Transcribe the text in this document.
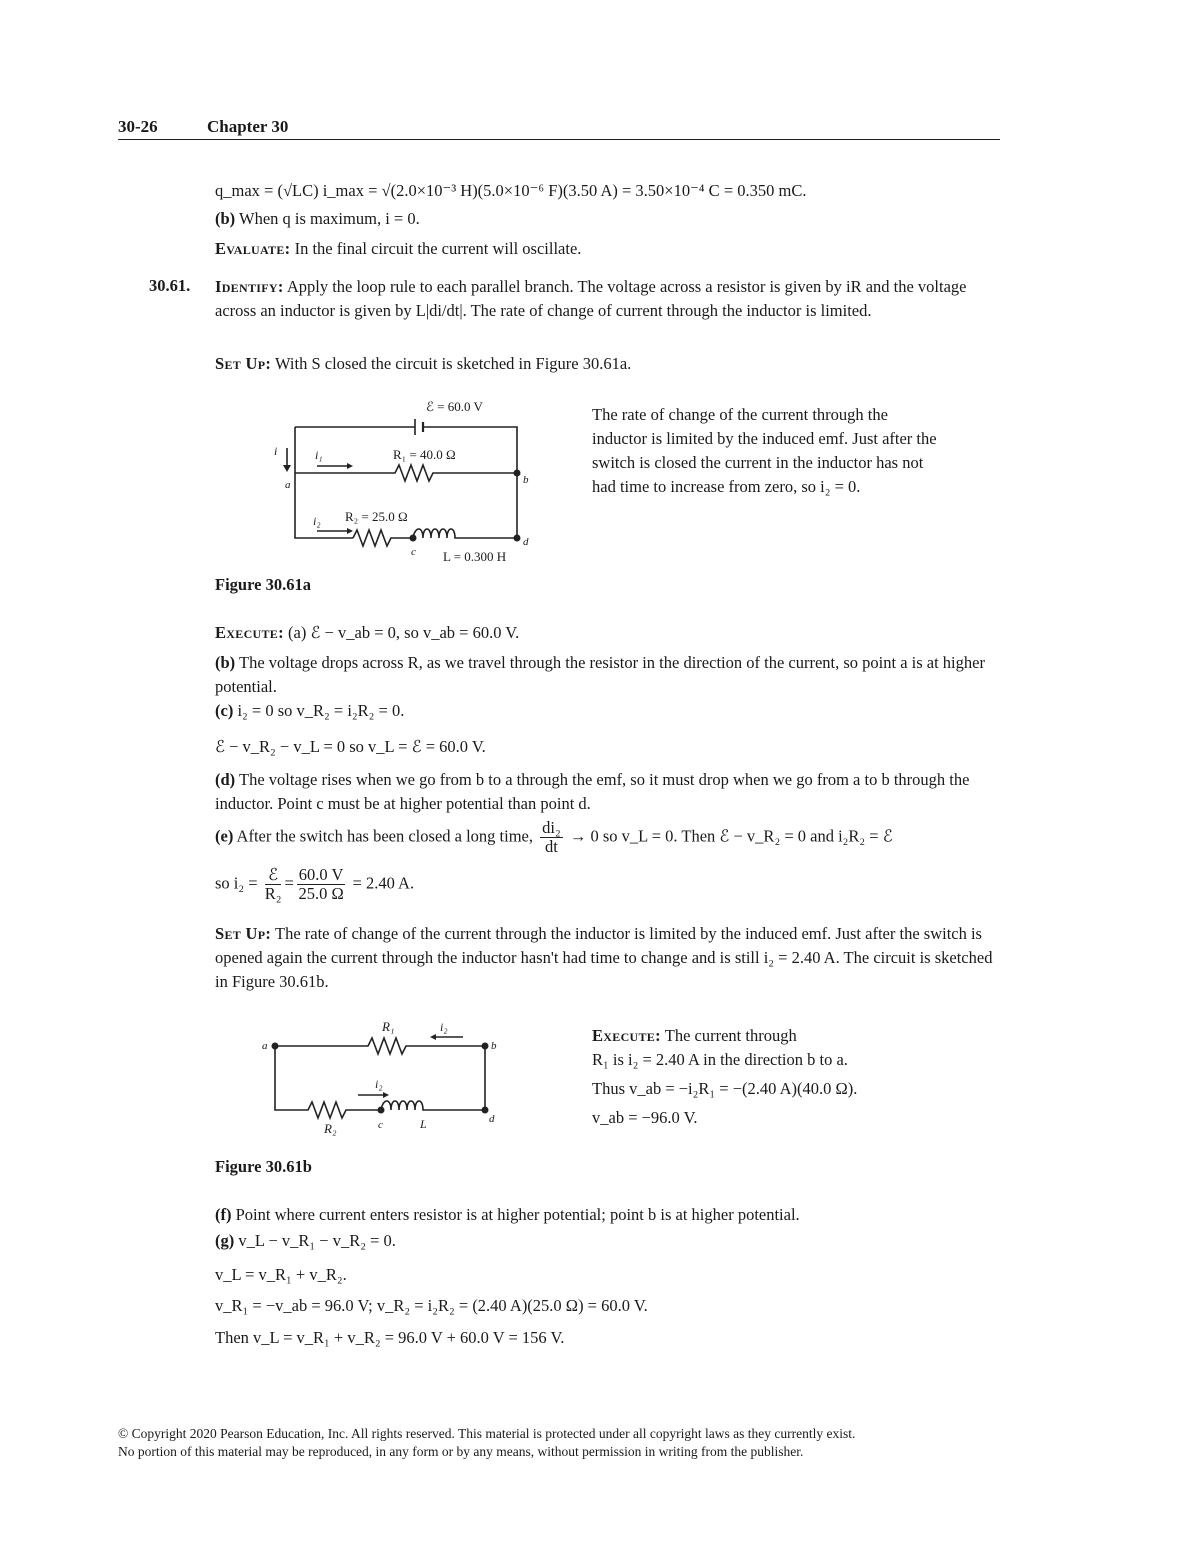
30-26	Chapter 30
q_max = (√LC) i_max = √(2.0×10⁻³ H)(5.0×10⁻⁶ F)(3.50 A) = 3.50×10⁻⁴ C = 0.350 mC.
(b) When q is maximum, i = 0.
Evaluate: In the final circuit the current will oscillate.
30.61. Identify: Apply the loop rule to each parallel branch. The voltage across a resistor is given by iR and the voltage across an inductor is given by L|di/dt|. The rate of change of current through the inductor is limited.
Set Up: With S closed the circuit is sketched in Figure 30.61a.
ℰ = 60.0 V
R₁ = 40.0 Ω
R₂ = 25.0 Ω
L = 0.300 H
i	i₁
i₂
a	b
c
d
The rate of change of the current through the inductor is limited by the induced emf. Just after the switch is closed the current in the inductor has not had time to increase from zero, so i₂ = 0.
Figure 30.61a
Execute: (a) ℰ − v_ab = 0, so v_ab = 60.0 V.
(b) The voltage drops across R, as we travel through the resistor in the direction of the current, so point a is at higher potential.
(c) i₂ = 0 so v_R₂ = i₂R₂ = 0.
ℰ − v_R₂ − v_L = 0 so v_L = ℰ = 60.0 V.
(d) The voltage rises when we go from b to a through the emf, so it must drop when we go from a to b through the inductor. Point c must be at higher potential than point d.
(e) After the switch has been closed a long time, $\frac{\text{di₂}}{dt} \to 0$ so v_L = 0. Then ℰ − v_R₂ = 0 and i₂R₂ = ℰ
so $i_2 = \frac{\text{ℰ}}{\text{R₂}} = \frac{60.0 V}{25.0 \Omega} = 2.40$ A.
Set Up: The rate of change of the current through the inductor is limited by the induced emf. Just after the switch is opened again the current through the inductor hasn't had time to change and is still i₂ = 2.40 A. The circuit is sketched in Figure 30.61b.
R₁	i₂
i₂
R₂	L
a	b
c	d
Execute: The current through
R₁ is i₂ = 2.40 A in the direction b to a.
Thus v_ab = −i₂R₁ = −(2.40 A)(40.0 Ω).
v_ab = −96.0 V.
Figure 30.61b
(f) Point where current enters resistor is at higher potential; point b is at higher potential.
(g) v_L − v_R₁ − v_R₂ = 0.
v_L = v_R₁ + v_R₂.
v_R₁ = −v_ab = 96.0 V; v_R₂ = i₂R₂ = (2.40 A)(25.0 Ω) = 60.0 V.
Then v_L = v_R₁ + v_R₂ = 96.0 V + 60.0 V = 156 V.
© Copyright 2020 Pearson Education, Inc. All rights reserved. This material is protected under all copyright laws as they currently exist.
No portion of this material may be reproduced, in any form or by any means, without permission in writing from the publisher.
